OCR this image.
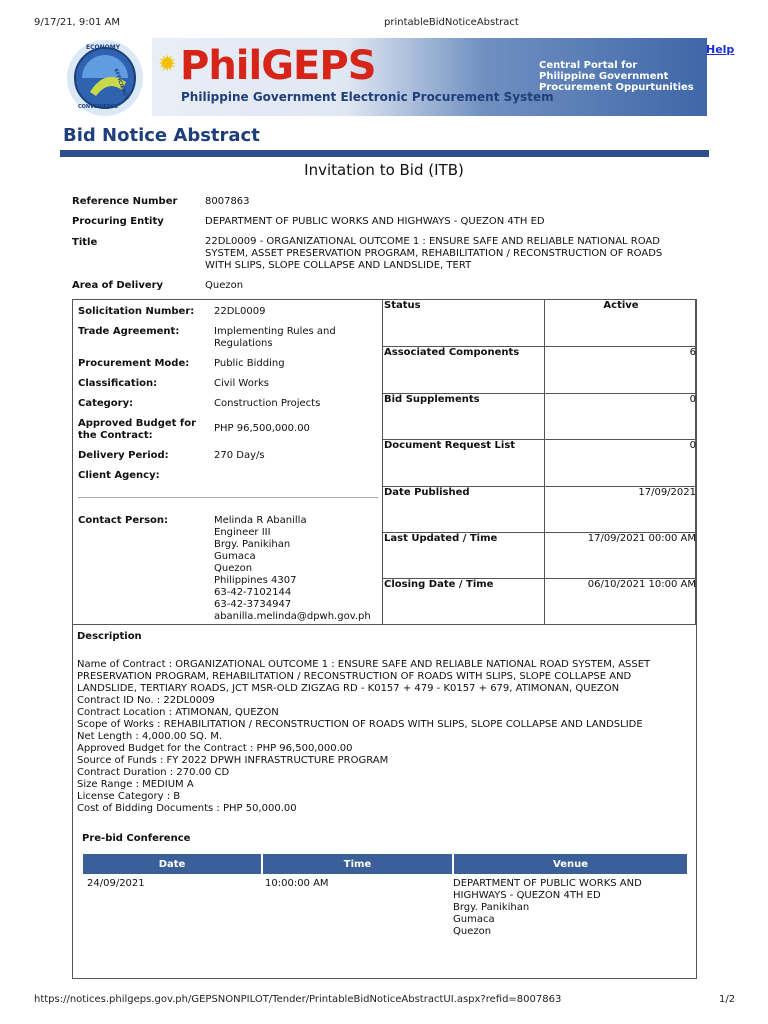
9/17/21, 9:01 AM	printableBidNoticeAbstract
ECONOMY
EFFICIENCY
CONVENIENCE
✹ PhilGEPS
Philippine Government Electronic Procurement System
Central Portal for
Philippine Government
Procurement Oppurtunities
Help
Bid Notice Abstract
Invitation to Bid (ITB)
Reference Number	8007863
Procuring Entity	DEPARTMENT OF PUBLIC WORKS AND HIGHWAYS - QUEZON 4TH ED
Title	22DL0009 - ORGANIZATIONAL OUTCOME 1 : ENSURE SAFE AND RELIABLE NATIONAL ROAD
SYSTEM, ASSET PRESERVATION PROGRAM, REHABILITATION / RECONSTRUCTION OF ROADS
WITH SLIPS, SLOPE COLLAPSE AND LANDSLIDE, TERT
Area of Delivery	Quezon
Solicitation Number: 22DL0009
Trade Agreement:	Implementing Rules and
Regulations
Procurement Mode: Public Bidding
Classification:	Civil Works
Category:	Construction Projects
Approved Budget for
the Contract:
PHP 96,500,000.00
Delivery Period:	270 Day/s
Client Agency:
Contact Person:	Melinda R Abanilla
Engineer III
Brgy. Panikihan
Gumaca
Quezon
Philippines 4307
63-42-7102144
63-42-3734947
abanilla.melinda@dpwh.gov.ph
Status	Active
Associated Components	6
Bid Supplements	0
Document Request List	0
Date Published	17/09/2021
Last Updated / Time	17/09/2021 00:00 AM
Closing Date / Time	06/10/2021 10:00 AM
Description
Name of Contract : ORGANIZATIONAL OUTCOME 1 : ENSURE SAFE AND RELIABLE NATIONAL ROAD SYSTEM, ASSET
PRESERVATION PROGRAM, REHABILITATION / RECONSTRUCTION OF ROADS WITH SLIPS, SLOPE COLLAPSE AND
LANDSLIDE, TERTIARY ROADS, JCT MSR-OLD ZIGZAG RD - K0157 + 479 - K0157 + 679, ATIMONAN, QUEZON
Contract ID No. : 22DL0009
Contract Location : ATIMONAN, QUEZON
Scope of Works : REHABILITATION / RECONSTRUCTION OF ROADS WITH SLIPS, SLOPE COLLAPSE AND LANDSLIDE
Net Length : 4,000.00 SQ. M.
Approved Budget for the Contract : PHP 96,500,000.00
Source of Funds : FY 2022 DPWH INFRASTRUCTURE PROGRAM
Contract Duration : 270.00 CD
Size Range : MEDIUM A
License Category : B
Cost of Bidding Documents : PHP 50,000.00
Pre-bid Conference
Date	Time	Venue
24/09/2021	10:00:00 AM	DEPARTMENT OF PUBLIC WORKS AND
HIGHWAYS - QUEZON 4TH ED
Brgy. Panikihan
Gumaca
Quezon
https://notices.philgeps.gov.ph/GEPSNONPILOT/Tender/PrintableBidNoticeAbstractUI.aspx?refid=8007863	1/2
